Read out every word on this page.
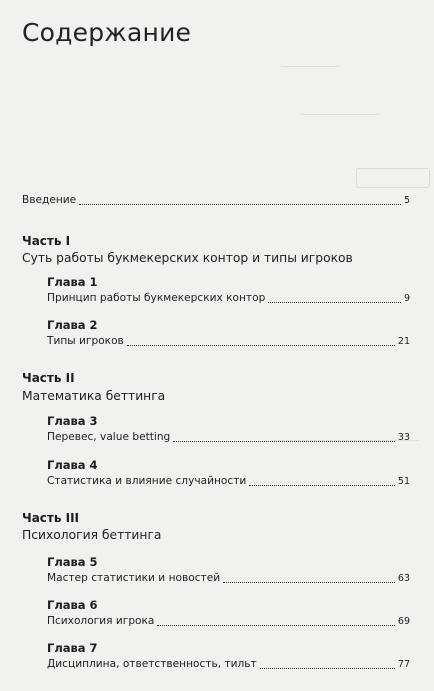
Содержание
Введение	5
Часть I
Суть работы букмекерских контор и типы игроков
Глава 1
Принцип работы букмекерских контор	9
Глава 2
Типы игроков	21
Часть II
Математика беттинга
Глава 3
Перевес, value betting	33
Глава 4
Статистика и влияние случайности	51
Часть III
Психология беттинга
Глава 5
Мастер статистики и новостей	63
Глава 6
Психология игрока	69
Глава 7
Дисциплина, ответственность, тильт	77
